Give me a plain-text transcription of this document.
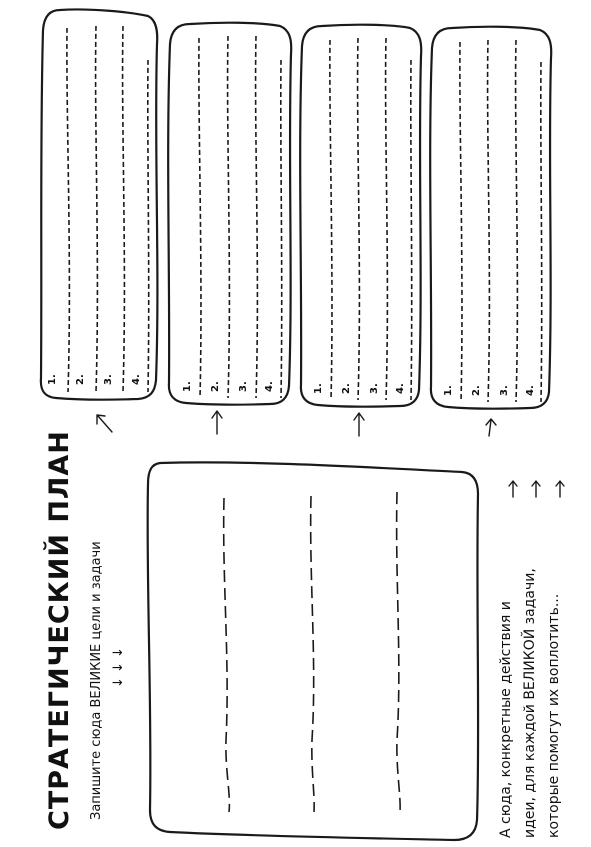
СТРАТЕГИЧЕСКИЙ ПЛАН Запишите сюда ВЕЛИКИЕ цели и задачи ↓ ↓ ↓	А сюда, конкретные действия и идеи, для каждой ВЕЛИКОЙ задачи, которые помогут их воплотить...
1. 2. 3. 4.
1. 2. 3. 4.	1. 2. 3. 4.	1. 2. 3. 4.
